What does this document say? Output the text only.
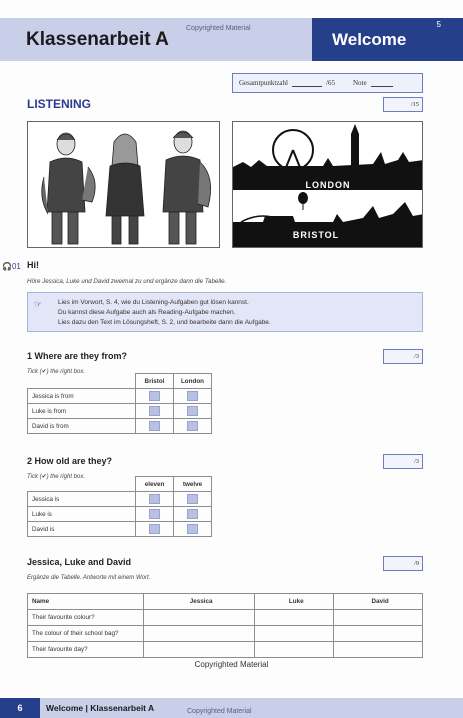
Klassenarbeit A
Copyrighted Material
Welcome
5
Gesamtpunktzahl	/65	Note
LISTENING	/15
LONDON
BRISTOL
🎧01 Hi!
Höre Jessica, Luke und David zweimal zu und ergänze dann die Tabelle.
☞ Lies im Vorwort, S. 4, wie du Listening-Aufgaben gut lösen kannst.
Du kannst diese Aufgabe auch als Reading-Aufgabe machen.
Lies dazu den Text im Lösungsheft, S. 2, und bearbeite dann die Aufgabe.
1 Where are they from?	/3
Tick (✔) the right box.
	Bristol	London
Jessica is from		
Luke is from		
David is from		
2 How old are they?	/3
Tick (✔) the right box.
	eleven	twelve
Jessica is		
Luke is		
David is		
Jessica, Luke and David	/9
Ergänze die Tabelle. Antworte mit einem Wort.
Name	Jessica	Luke	David
Their favourite colour?			
The colour of their school bag?			
Their favourite day?			
Copyrighted Material
6	Welcome | Klassenarbeit A	Copyrighted Material
